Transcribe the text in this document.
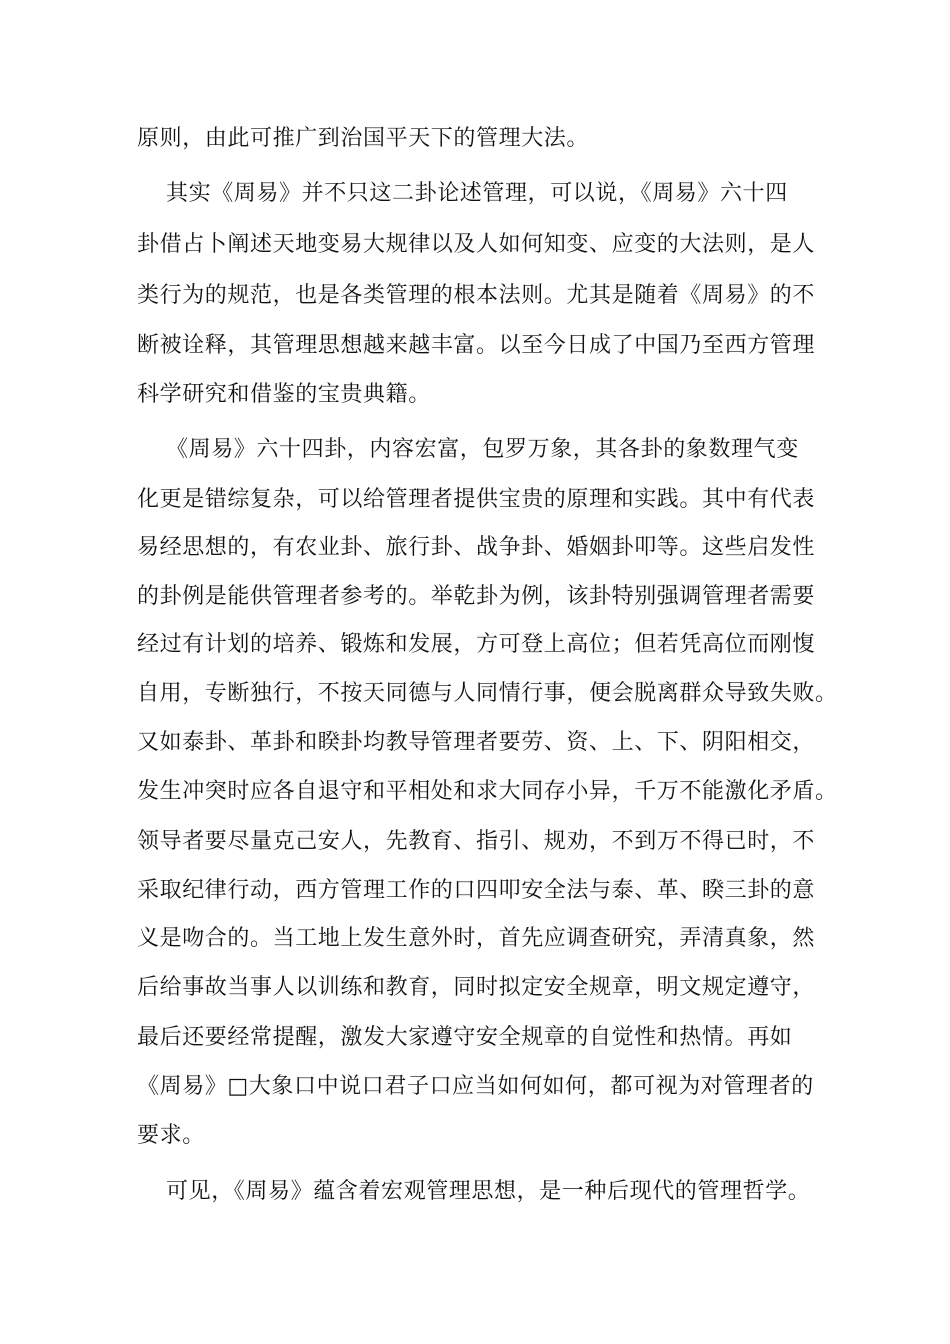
原则，由此可推广到治国平天下的管理大法。
其实《周易》并不只这二卦论述管理，可以说，《周易》六十四
卦借占卜阐述天地变易大规律以及人如何知变、应变的大法则，是人
类行为的规范，也是各类管理的根本法则。尤其是随着《周易》的不
断被诠释，其管理思想越来越丰富。以至今日成了中国乃至西方管理
科学研究和借鉴的宝贵典籍。
《周易》六十四卦，内容宏富，包罗万象，其各卦的象数理气变
化更是错综复杂，可以给管理者提供宝贵的原理和实践。其中有代表
易经思想的，有农业卦、旅行卦、战争卦、婚姻卦叩等。这些启发性
的卦例是能供管理者参考的。举乾卦为例，该卦特别强调管理者需要
经过有计划的培养、锻炼和发展，方可登上高位；但若凭高位而刚愎
自用，专断独行，不按天同德与人同情行事，便会脱离群众导致失败。
又如泰卦、革卦和睽卦均教导管理者要劳、资、上、下、阴阳相交，
发生冲突时应各自退守和平相处和求大同存小异，千万不能激化矛盾。
领导者要尽量克己安人，先教育、指引、规劝，不到万不得已时，不
采取纪律行动，西方管理工作的口四叩安全法与泰、革、睽三卦的意
义是吻合的。当工地上发生意外时，首先应调查研究，弄清真象，然
后给事故当事人以训练和教育，同时拟定安全规章，明文规定遵守，
最后还要经常提醒，激发大家遵守安全规章的自觉性和热情。再如
《周易》□大象口中说口君子口应当如何如何，都可视为对管理者的
要求。
可见，《周易》蕴含着宏观管理思想，是一种后现代的管理哲学。
